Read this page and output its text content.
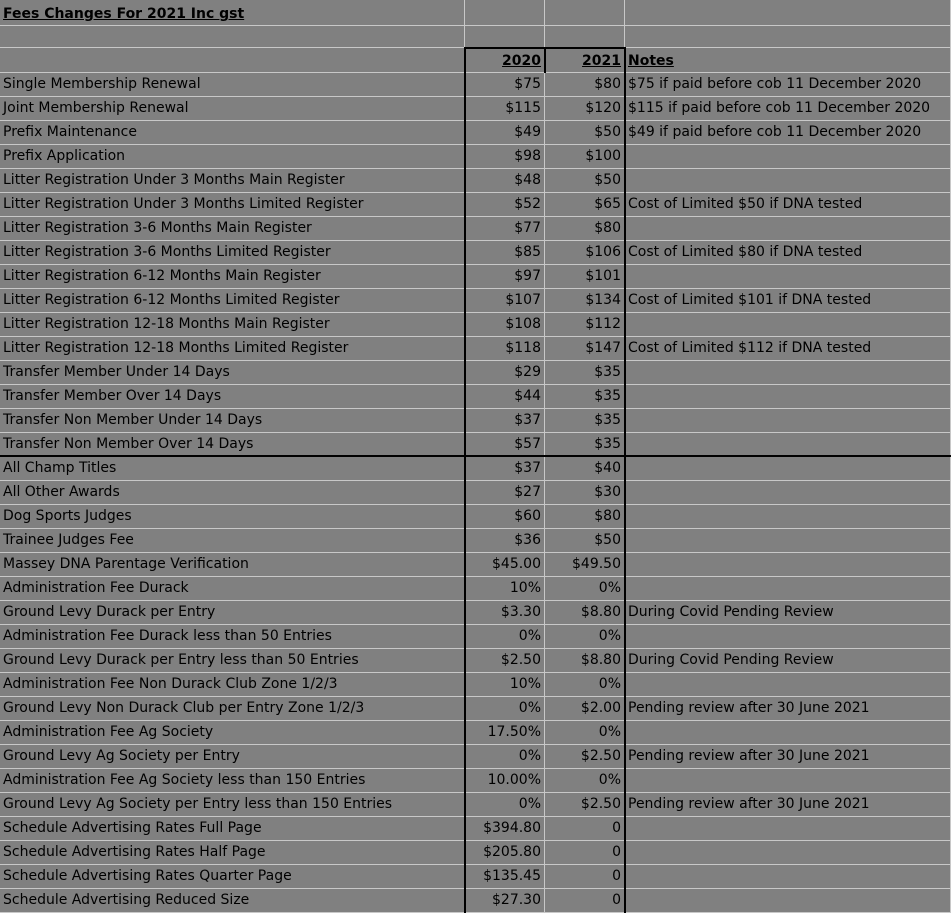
Fees Changes For 2021 Inc gst
2020	2021 Notes
Single Membership Renewal	$75	$80 $75 if paid before cob 11 December 2020
Joint Membership Renewal	$115	$120 $115 if paid before cob 11 December 2020
Prefix Maintenance	$49	$50 $49 if paid before cob 11 December 2020
Prefix Application	$98	$100
Litter Registration Under 3 Months Main Register	$48	$50
Litter Registration Under 3 Months Limited Register	$52	$65 Cost of Limited $50 if DNA tested
Litter Registration 3-6 Months Main Register	$77	$80
Litter Registration 3-6 Months Limited Register	$85	$106 Cost of Limited $80 if DNA tested
Litter Registration 6-12 Months Main Register	$97	$101
Litter Registration 6-12 Months Limited Register	$107	$134 Cost of Limited $101 if DNA tested
Litter Registration 12-18 Months Main Register	$108	$112
Litter Registration 12-18 Months Limited Register	$118	$147 Cost of Limited $112 if DNA tested
Transfer Member Under 14 Days	$29	$35
Transfer Member Over 14 Days	$44	$35
Transfer Non Member Under 14 Days	$37	$35
Transfer Non Member Over 14 Days	$57	$35
All Champ Titles	$37	$40
All Other Awards	$27	$30
Dog Sports Judges	$60	$80
Trainee Judges Fee	$36	$50
Massey DNA Parentage Verification	$45.00	$49.50
Administration Fee Durack	10%	0%
Ground Levy Durack per Entry	$3.30	$8.80 During Covid Pending Review
Administration Fee Durack less than 50 Entries	0%	0%
Ground Levy Durack per Entry less than 50 Entries	$2.50	$8.80 During Covid Pending Review
Administration Fee Non Durack Club Zone 1/2/3	10%	0%
Ground Levy Non Durack Club per Entry Zone 1/2/3	0%	$2.00 Pending review after 30 June 2021
Administration Fee Ag Society	17.50%	0%
Ground Levy Ag Society per Entry	0%	$2.50 Pending review after 30 June 2021
Administration Fee Ag Society less than 150 Entries	10.00%	0%
Ground Levy Ag Society per Entry less than 150 Entries	0%	$2.50 Pending review after 30 June 2021
Schedule Advertising Rates Full Page	$394.80	0
Schedule Advertising Rates Half Page	$205.80	0
Schedule Advertising Rates Quarter Page	$135.45	0
Schedule Advertising Reduced Size	$27.30	0
